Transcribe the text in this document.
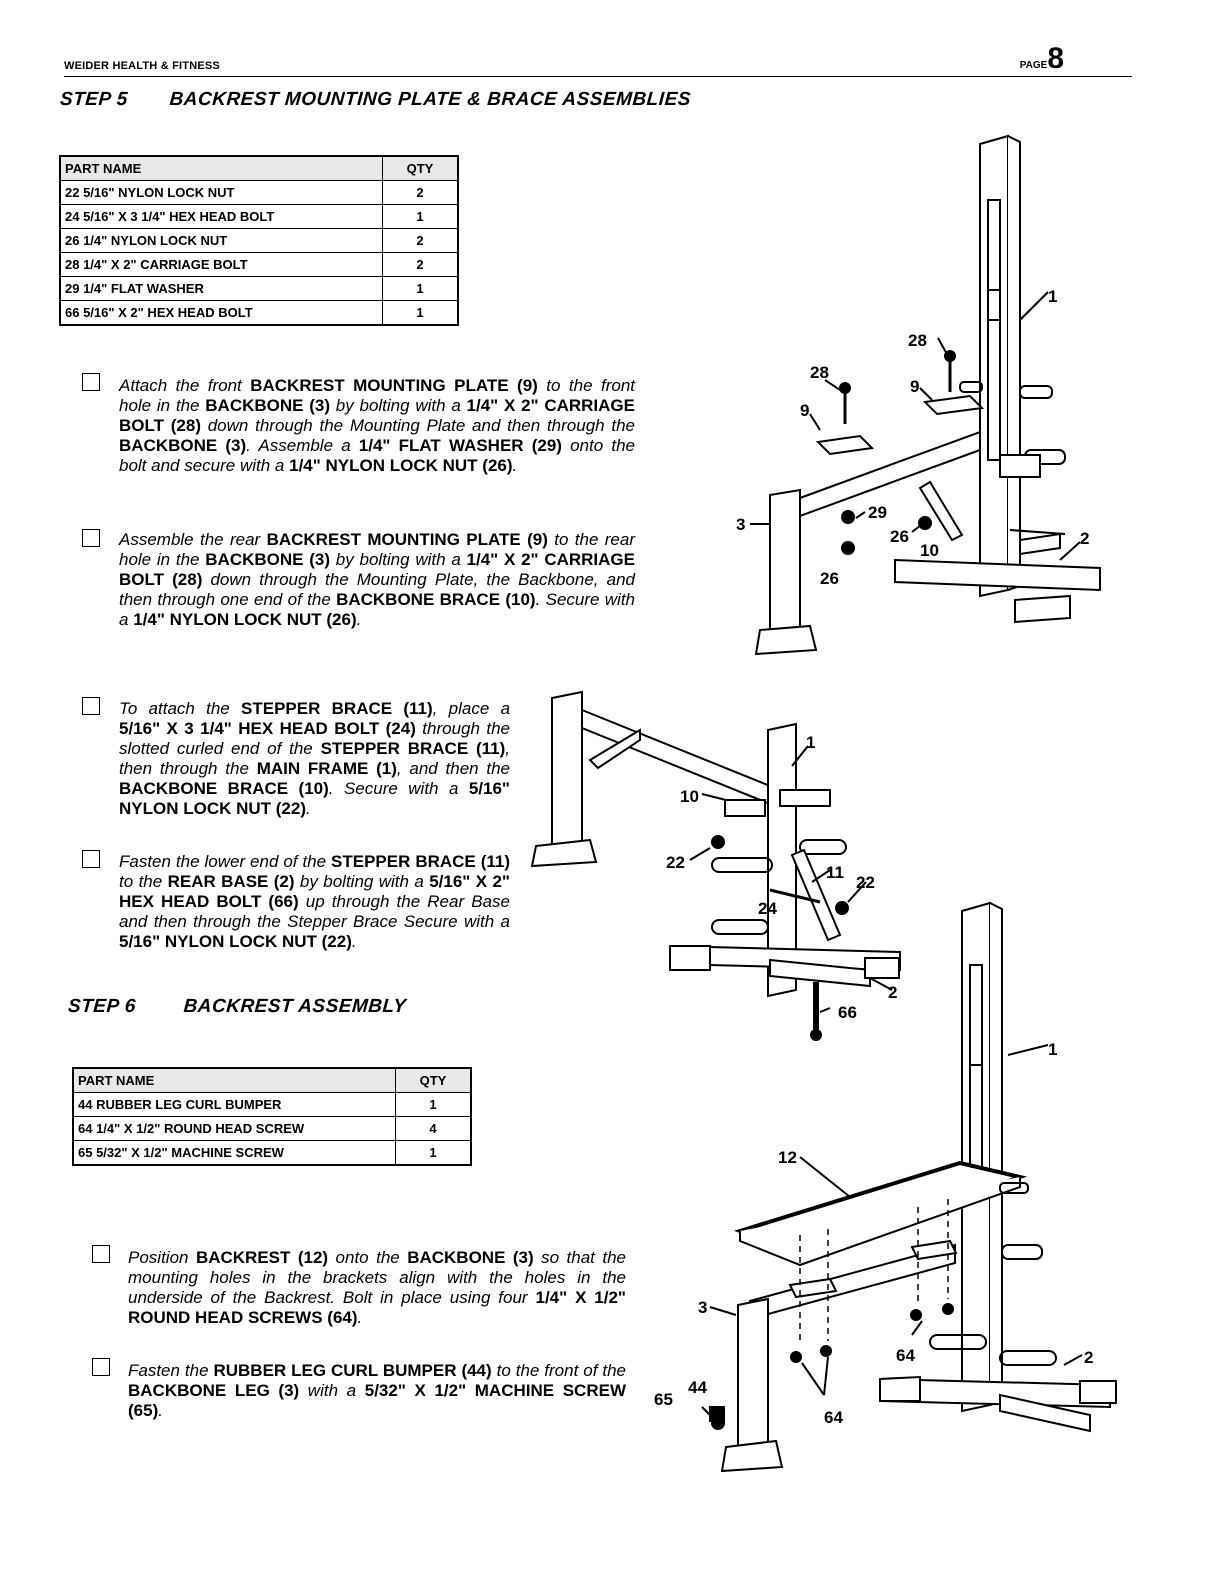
WEIDER HEALTH & FITNESS	PAGE8
STEP 5 BACKREST MOUNTING PLATE & BRACE ASSEMBLIES
PART NAME	QTY
22 5/16" NYLON LOCK NUT	2
24 5/16" X 3 1/4" HEX HEAD BOLT	1
26 1/4" NYLON LOCK NUT	2
28 1/4" X 2" CARRIAGE BOLT	2
29 1/4" FLAT WASHER	1
66 5/16" X 2" HEX HEAD BOLT	1
Attach the front BACKREST MOUNTING PLATE (9) to the front hole in the BACKBONE (3) by bolting with a 1/4" X 2" CARRIAGE BOLT (28) down through the Mounting Plate and then through the BACKBONE (3). Assemble a 1/4" FLAT WASHER (29) onto the bolt and secure with a 1/4" NYLON LOCK NUT (26).
Assemble the rear BACKREST MOUNTING PLATE (9) to the rear hole in the BACKBONE (3) by bolting with a 1/4" X 2" CARRIAGE BOLT (28) down through the Mounting Plate, the Backbone, and then through one end of the BACKBONE BRACE (10). Secure with a 1/4" NYLON LOCK NUT (26).
To attach the STEPPER BRACE (11), place a 5/16" X 3 1/4" HEX HEAD BOLT (24) through the slotted curled end of the STEPPER BRACE (11), then through the MAIN FRAME (1), and then the BACKBONE BRACE (10). Secure with a 5/16" NYLON LOCK NUT (22).
Fasten the lower end of the STEPPER BRACE (11) to the REAR BASE (2) by bolting with a 5/16" X 2" HEX HEAD BOLT (66) up through the Rear Base and then through the Stepper Brace Secure with a 5/16" NYLON LOCK NUT (22).
STEP 6 BACKREST ASSEMBLY
PART NAME	QTY
44 RUBBER LEG CURL BUMPER	1
64 1/4" X 1/2" ROUND HEAD SCREW	4
65 5/32" X 1/2" MACHINE SCREW	1
Position BACKREST (12) onto the BACKBONE (3) so that the mounting holes in the brackets align with the holes in the underside of the Backrest. Bolt in place using four 1/4" X 1/2" ROUND HEAD SCREWS (64).
Fasten the RUBBER LEG CURL BUMPER (44) to the front of the BACKBONE LEG (3) with a 5/32" X 1/2" MACHINE SCREW (65).
1
28
28
9
9
3
29
26
10
26
2
1
10
22
11
22
24
2
66
1
12
3
64	2
44
65
64
